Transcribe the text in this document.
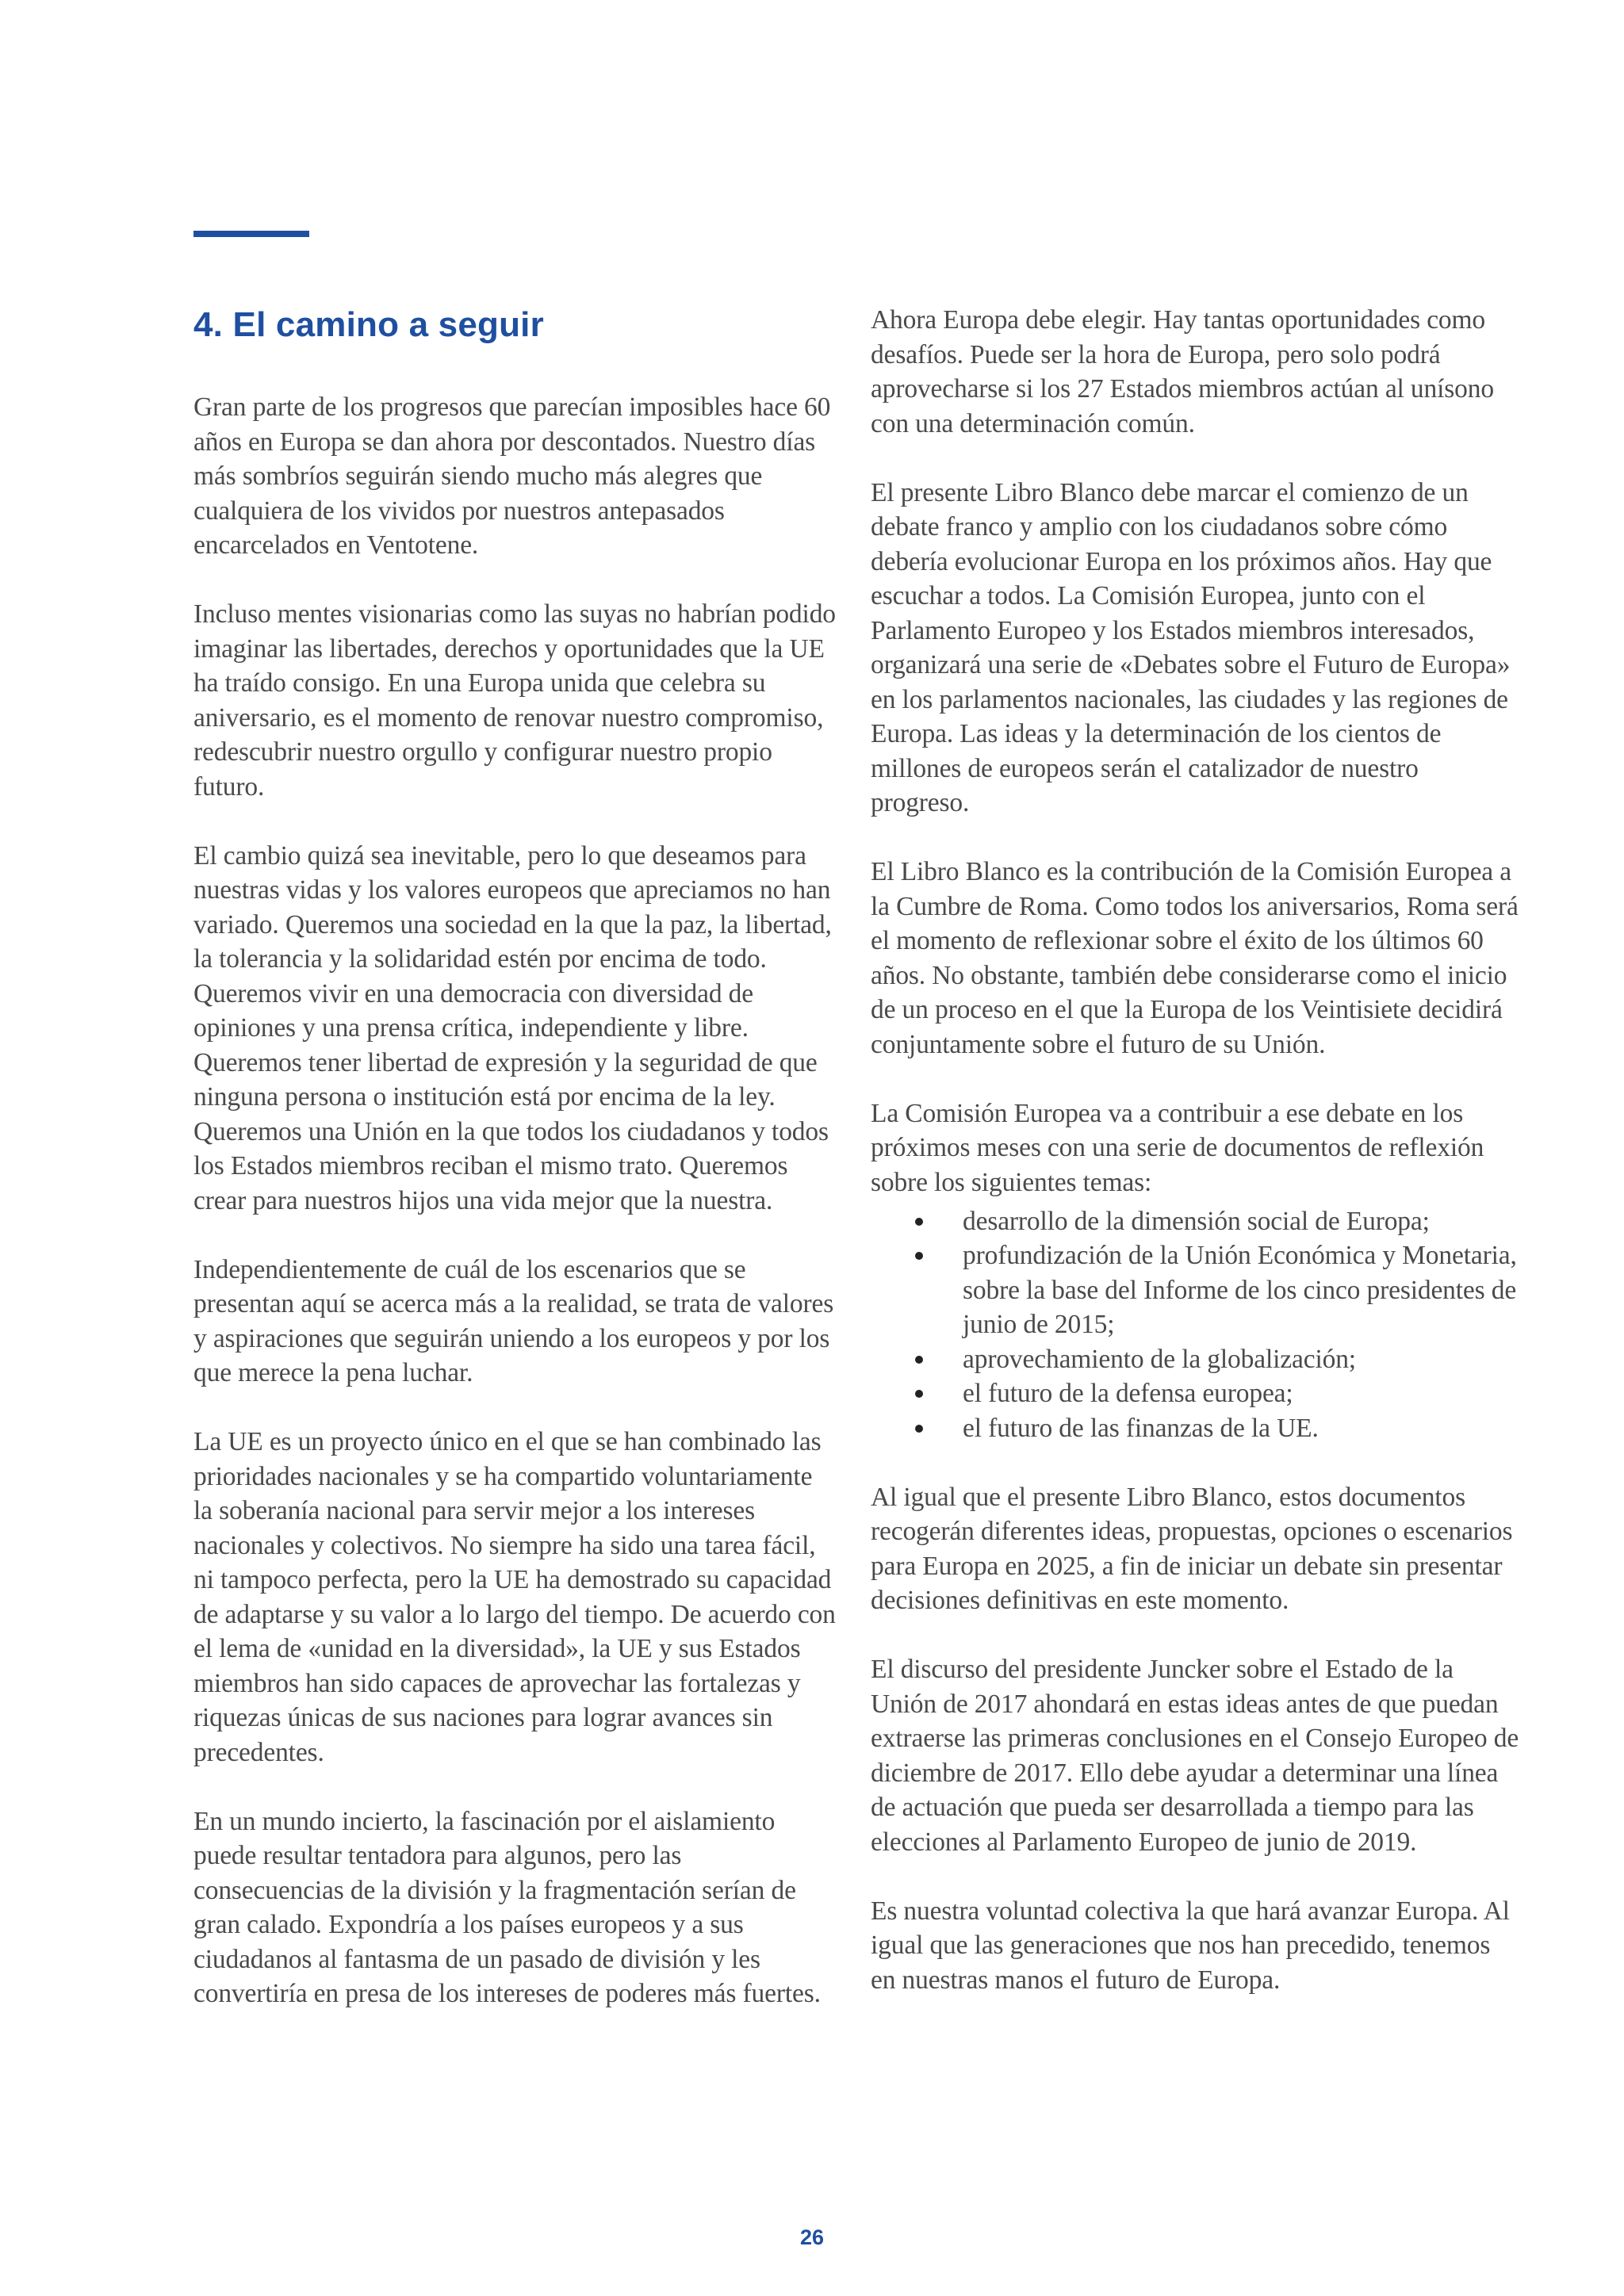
4. El camino a seguir

Gran parte de los progresos que parecían imposibles hace 60 años en Europa se dan ahora por descontados. Nuestro días más sombríos seguirán siendo mucho más alegres que cualquiera de los vividos por nuestros antepasados encarcelados en Ventotene.

Incluso mentes visionarias como las suyas no habrían podido imaginar las libertades, derechos y oportunidades que la UE ha traído consigo. En una Europa unida que celebra su aniversario, es el momento de renovar nuestro compromiso, redescubrir nuestro orgullo y configurar nuestro propio futuro.

El cambio quizá sea inevitable, pero lo que deseamos para nuestras vidas y los valores europeos que apreciamos no han variado. Queremos una sociedad en la que la paz, la libertad, la tolerancia y la solidaridad estén por encima de todo. Queremos vivir en una democracia con diversidad de opiniones y una prensa crítica, independiente y libre. Queremos tener libertad de expresión y la seguridad de que ninguna persona o institución está por encima de la ley. Queremos una Unión en la que todos los ciudadanos y todos los Estados miembros reciban el mismo trato. Queremos crear para nuestros hijos una vida mejor que la nuestra.

Independientemente de cuál de los escenarios que se presentan aquí se acerca más a la realidad, se trata de valores y aspiraciones que seguirán uniendo a los europeos y por los que merece la pena luchar.

La UE es un proyecto único en el que se han combinado las prioridades nacionales y se ha compartido voluntariamente la soberanía nacional para servir mejor a los intereses nacionales y colectivos. No siempre ha sido una tarea fácil, ni tampoco perfecta, pero la UE ha demostrado su capacidad de adaptarse y su valor a lo largo del tiempo. De acuerdo con el lema de «unidad en la diversidad», la UE y sus Estados miembros han sido capaces de aprovechar las fortalezas y riquezas únicas de sus naciones para lograr avances sin precedentes.

En un mundo incierto, la fascinación por el aislamiento puede resultar tentadora para algunos, pero las consecuencias de la división y la fragmentación serían de gran calado. Expondría a los países europeos y a sus ciudadanos al fantasma de un pasado de división y les convertiría en presa de los intereses de poderes más fuertes.

Ahora Europa debe elegir. Hay tantas oportunidades como desafíos. Puede ser la hora de Europa, pero solo podrá aprovecharse si los 27 Estados miembros actúan al unísono con una determinación común.

El presente Libro Blanco debe marcar el comienzo de un debate franco y amplio con los ciudadanos sobre cómo debería evolucionar Europa en los próximos años. Hay que escuchar a todos. La Comisión Europea, junto con el Parlamento Europeo y los Estados miembros interesados, organizará una serie de «Debates sobre el Futuro de Europa» en los parlamentos nacionales, las ciudades y las regiones de Europa. Las ideas y la determinación de los cientos de millones de europeos serán el catalizador de nuestro progreso.

El Libro Blanco es la contribución de la Comisión Europea a la Cumbre de Roma. Como todos los aniversarios, Roma será el momento de reflexionar sobre el éxito de los últimos 60 años. No obstante, también debe considerarse como el inicio de un proceso en el que la Europa de los Veintisiete decidirá conjuntamente sobre el futuro de su Unión.

La Comisión Europea va a contribuir a ese debate en los próximos meses con una serie de documentos de reflexión sobre los siguientes temas:

desarrollo de la dimensión social de Europa;
profundización de la Unión Económica y Monetaria, sobre la base del Informe de los cinco presidentes de junio de 2015;
aprovechamiento de la globalización;
el futuro de la defensa europea;
el futuro de las finanzas de la UE.

Al igual que el presente Libro Blanco, estos documentos recogerán diferentes ideas, propuestas, opciones o escenarios para Europa en 2025, a fin de iniciar un debate sin presentar decisiones definitivas en este momento.

El discurso del presidente Juncker sobre el Estado de la Unión de 2017 ahondará en estas ideas antes de que puedan extraerse las primeras conclusiones en el Consejo Europeo de diciembre de 2017. Ello debe ayudar a determinar una línea de actuación que pueda ser desarrollada a tiempo para las elecciones al Parlamento Europeo de junio de 2019.

Es nuestra voluntad colectiva la que hará avanzar Europa. Al igual que las generaciones que nos han precedido, tenemos en nuestras manos el futuro de Europa.

26
